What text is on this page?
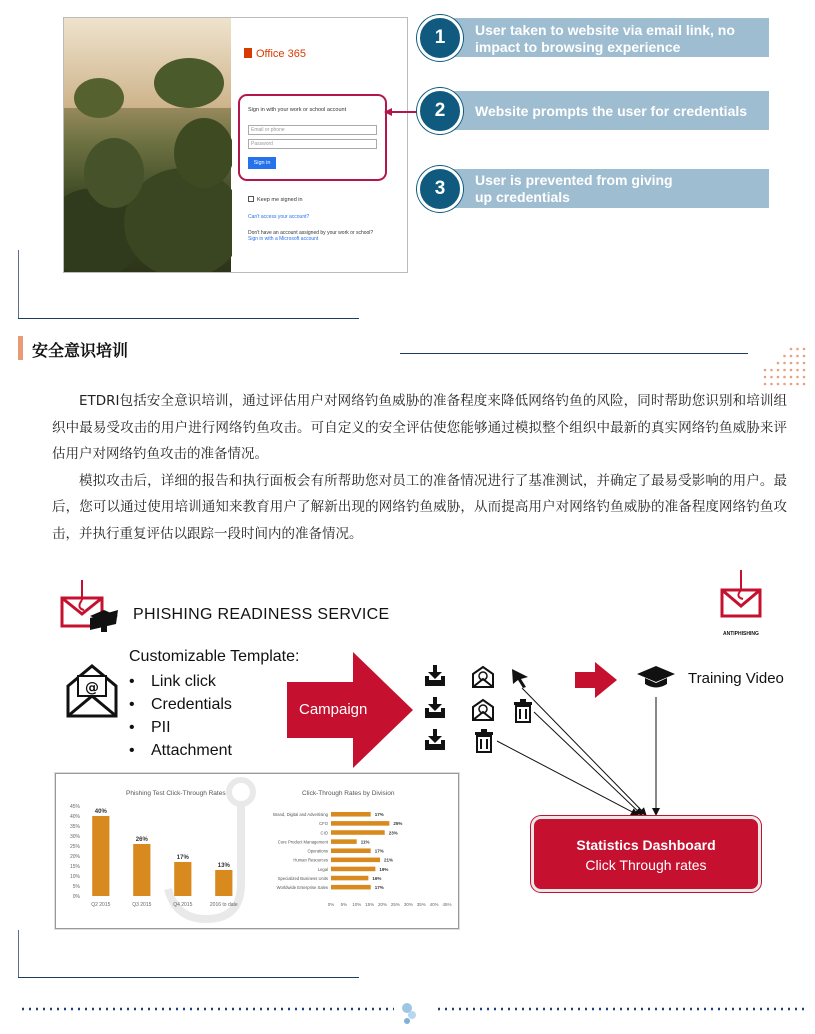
Office 365
Sign in with your work or school account
Email or phone
Password
Sign in
Keep me signed in
Can't access your account?
Don't have an account assigned by your work or school?
Sign in with a Microsoft account
1	User taken to website via email link, no
impact to browsing experience
2	Website prompts the user for credentials
3	User is prevented from giving
up credentials
安全意识培训

ETDRI包括安全意识培训，通过评估用户对网络钓鱼威胁的准备程度来降低网络钓鱼的风险，同时帮助您识别和培训组织中最易受攻击的用户进行网络钓鱼攻击。可自定义的安全评估使您能够通过模拟整个组织中最新的真实网络钓鱼威胁来评估用户对网络钓鱼攻击的准备情况。

模拟攻击后，详细的报告和执行面板会有所帮助您对员工的准备情况进行了基准测试，并确定了最易受影响的用户。最后，您可以通过使用培训通知来教育用户了解新出现的网络钓鱼威胁，从而提高用户对网络钓鱼威胁的准备程度网络钓鱼攻击，并执行重复评估以跟踪一段时间内的准备情况。

PHISHING READINESS SERVICE
ANTIPHISHING
@
Customizable Template:
• Link click
• Credentials
• PII
• Attachment
Campaign
Training Video
Statistics Dashboard
Click Through rates
Phishing Test Click-Through Rates
0%
5%
10%
15%
20%
25%
30%
35%
40%
45%
40%
Q2 2015
26%
Q3 2015
17%
Q4 2015
13%
2016 to date
Click-Through Rates by Division
Brand, Digital and Advertising	17%
CFO	25%
CIO	23%
Core Product Management	11%
Operations	17%
Human Resources	21%
Legal	19%
Specialized Business Units	16%
Worldwide Enterprise Sales	17%
0% 5% 10% 15% 20% 25% 30% 35% 40% 45%
